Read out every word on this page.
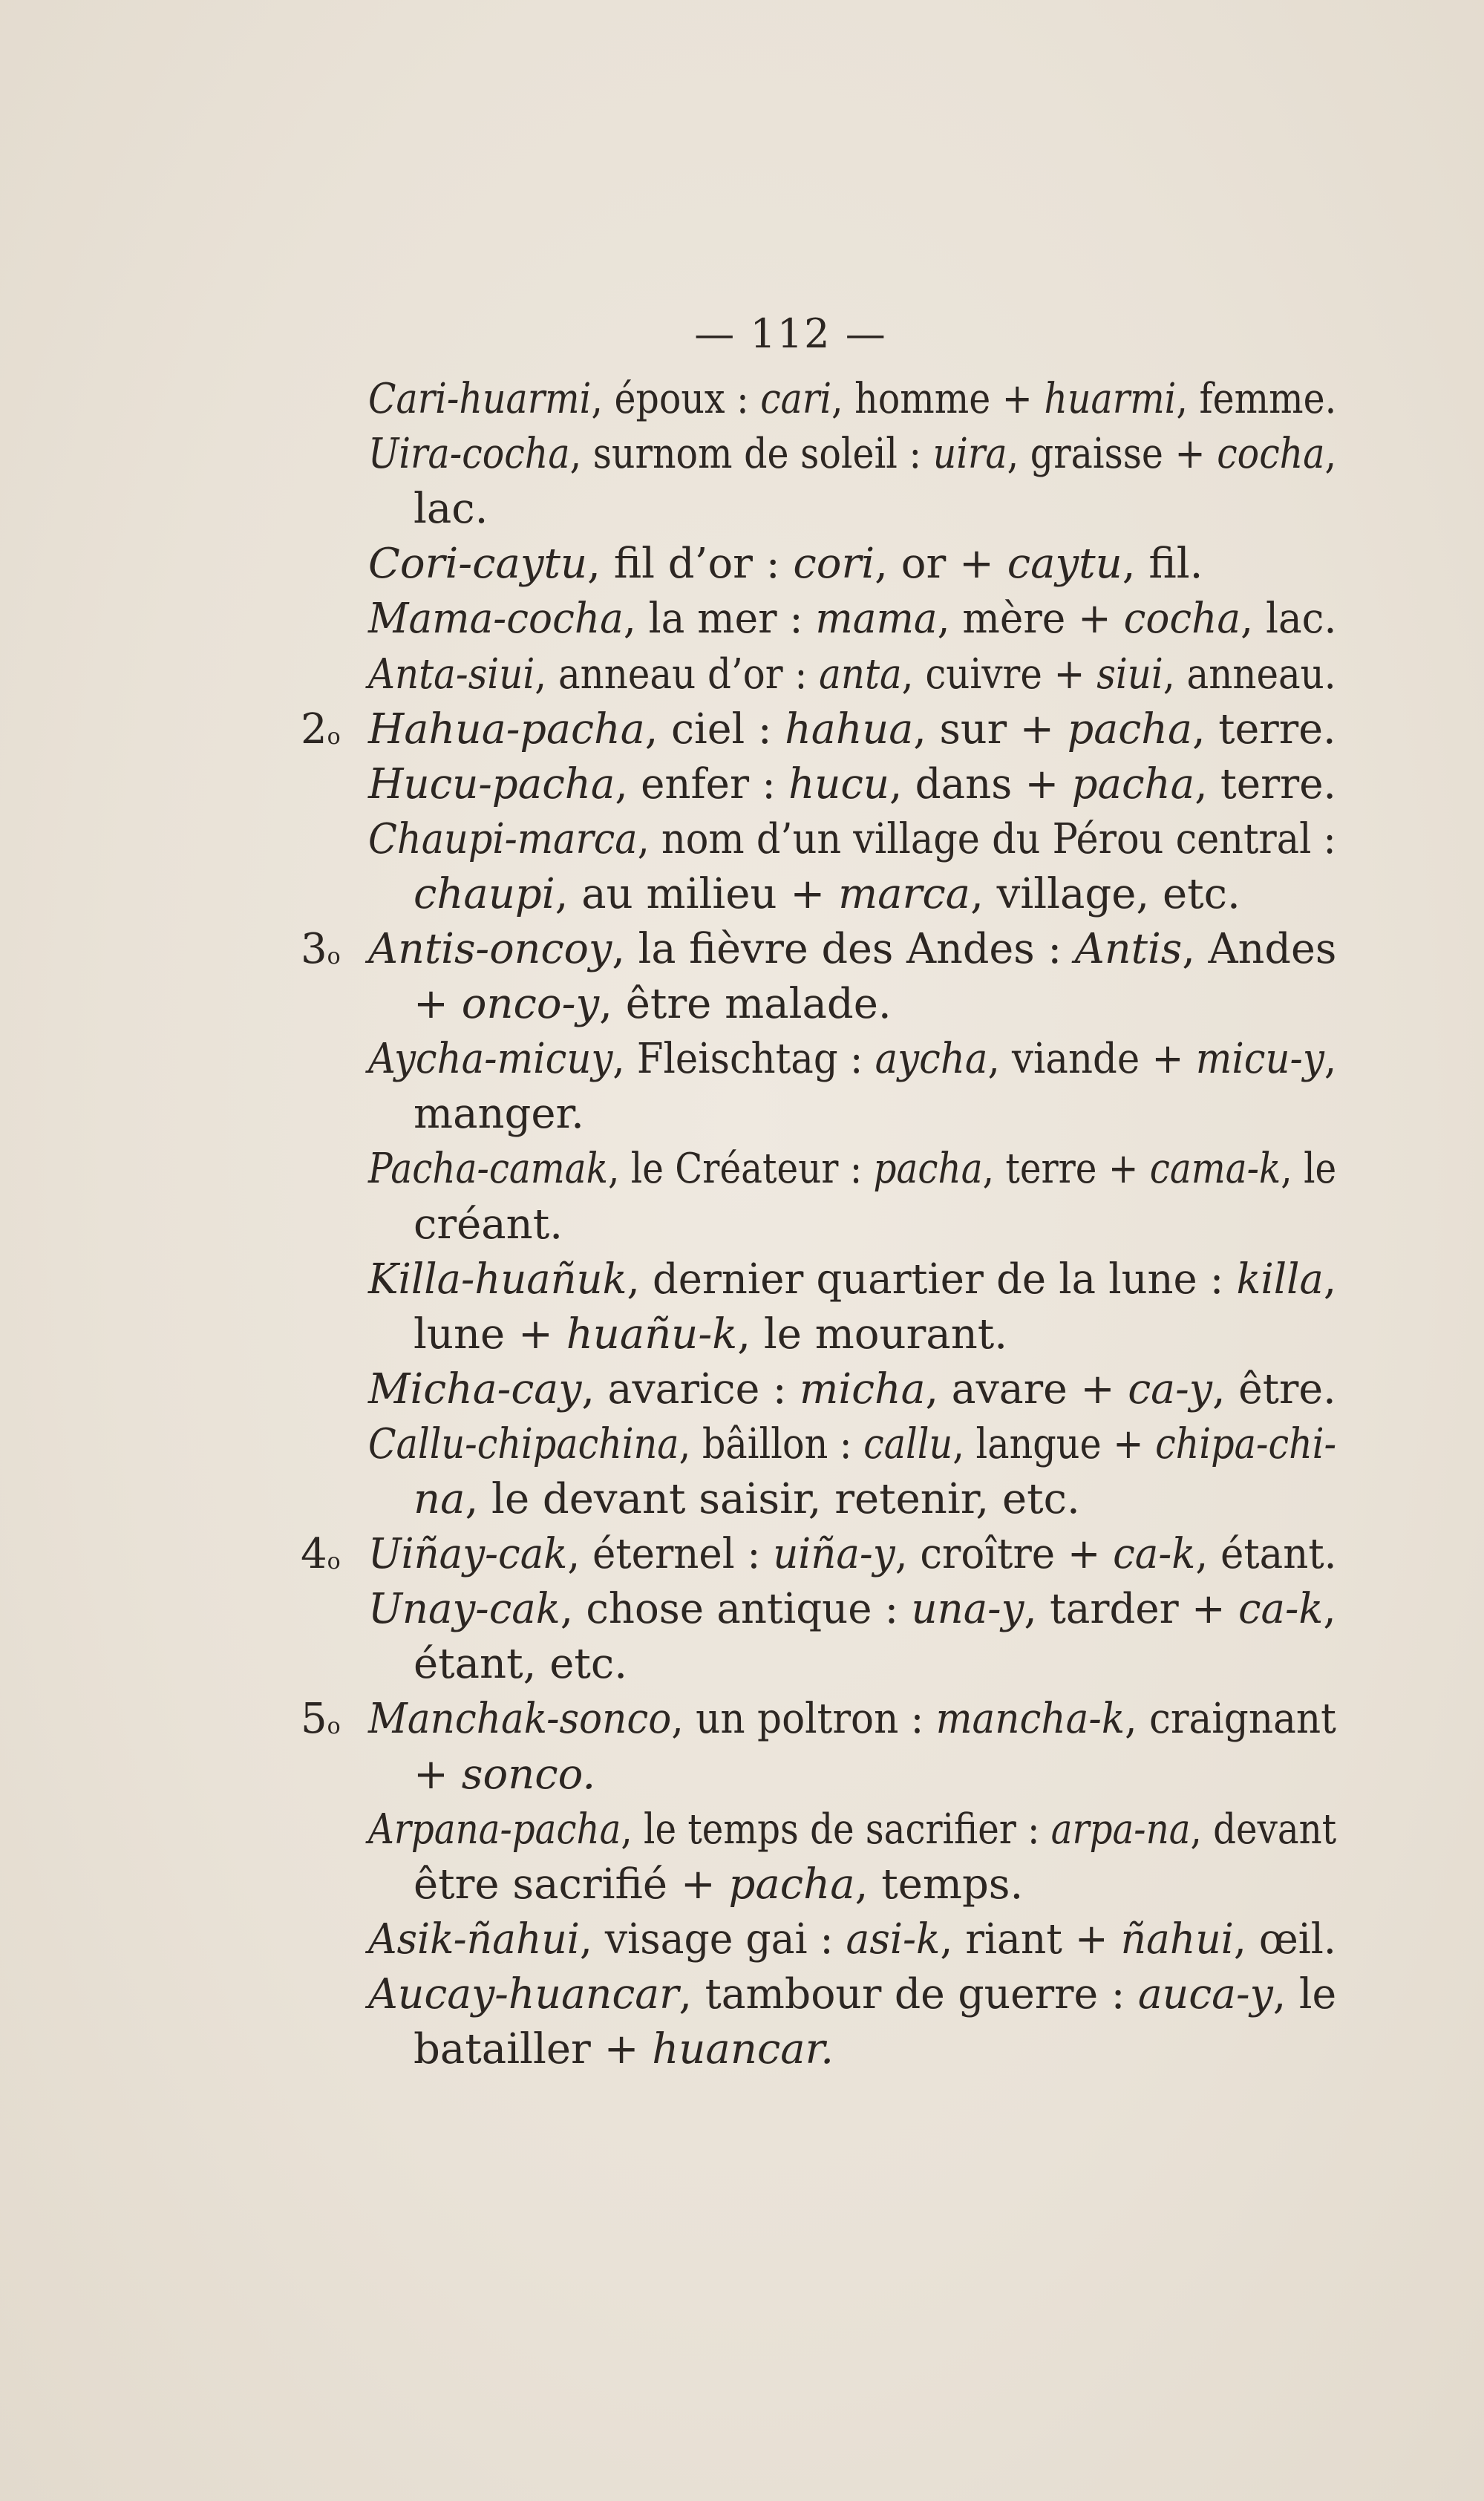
— 112 —
Cari-huarmi, époux : cari, homme + huarmi, femme.
Uira-cocha, surnom de soleil : uira, graisse + cocha,
lac.
Cori-caytu, fil d’or : cori, or + caytu, fil.
Mama-cocha, la mer : mama, mère + cocha, lac.
Anta-siui, anneau d’or : anta, cuivre + siui, anneau.
2$^o$ Hahua-pacha, ciel : hahua, sur + pacha, terre.
Hucu-pacha, enfer : hucu, dans + pacha, terre.
Chaupi-marca, nom d’un village du Pérou central :
chaupi, au milieu + marca, village, etc.
3$^o$ Antis-oncoy, la fièvre des Andes : Antis, Andes
+ onco-y, être malade.
Aycha-micuy, Fleischtag : aycha, viande + micu-y,
manger.
Pacha-camak, le Créateur : pacha, terre + cama-k, le
créant.
Killa-huañuk, dernier quartier de la lune : killa,
lune + huañu-k, le mourant.
Micha-cay, avarice : micha, avare + ca-y, être.
Callu-chipachina, bâillon : callu, langue + chipa-chi-
na, le devant saisir, retenir, etc.
4$^o$ Uiñay-cak, éternel : uiña-y, croître + ca-k, étant.
Unay-cak, chose antique : una-y, tarder + ca-k,
étant, etc.
5$^o$ Manchak-sonco, un poltron : mancha-k, craignant
+ sonco.
Arpana-pacha, le temps de sacrifier : arpa-na, devant
être sacrifié + pacha, temps.
Asik-ñahui, visage gai : asi-k, riant + ñahui, œil.
Aucay-huancar, tambour de guerre : auca-y, le
batailler + huancar.
